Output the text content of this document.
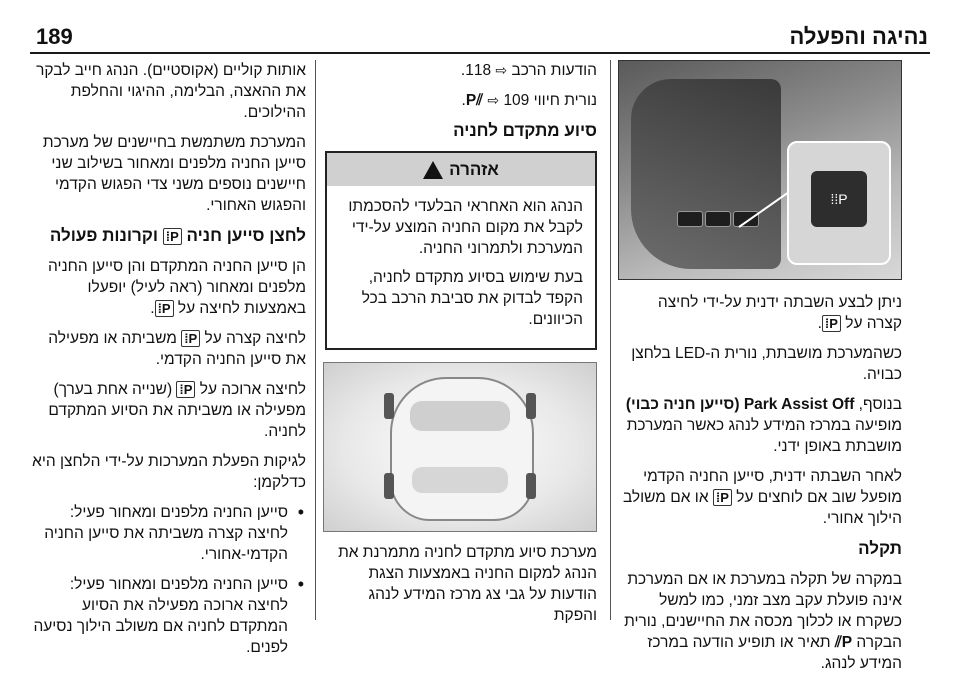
189	נהיגה והפעלה
P⁞⁞

ניתן לבצע השבתה ידנית על-ידי לחיצה קצרה על P⁞.

כשהמערכת מושבתת, נורית ה-LED בלחצן כבויה.

בנוסף, Park Assist Off (סייען חניה כבוי) מופיעה במרכז המידע לנהג כאשר המערכת מושבתת באופן ידני.

לאחר השבתה ידנית, סייען החניה הקדמי מופעל שוב אם לוחצים על P⁞ או אם משולב הילוך אחורי.

תקלה

במקרה של תקלה במערכת או אם המערכת אינה פועלת עקב מצב זמני, כמו למשל כשקרח או לכלוך מכסה את החיישנים, נורית הבקרה P⫽ תאיר או תופיע הודעה במרכז המידע לנהג.

הודעות הרכב ⇨ 118.

נורית חיווי P⫽ ⇨ 109.

סיוע מתקדם לחניה
אזהרה

הנהג הוא האחראי הבלעדי להסכמתו לקבל את מקום החניה המוצע על-ידי המערכת ולתמרוני החניה.

בעת שימוש בסיוע מתקדם לחניה, הקפד לבדוק את סביבת הרכב בכל הכיוונים.

מערכת סיוע מתקדם לחניה מתמרנת את הנהג למקום החניה באמצעות הצגת הודעות על גבי צג מרכז המידע לנהג והפקת

אותות קוליים (אקוסטיים). הנהג חייב לבקר את ההאצה, הבלימה, ההיגוי והחלפת ההילוכים.

המערכת משתמשת בחיישנים של מערכת סייען החניה מלפנים ומאחור בשילוב שני חיישנים נוספים משני צדי הפגוש הקדמי והפגוש האחורי.

לחצן סייען חניה P⁞ וקרונות פעולה

הן סייען החניה המתקדם והן סייען החניה מלפנים ומאחור (ראה לעיל) יופעלו באמצעות לחיצה על P⁞.

לחיצה קצרה על P⁞ משביתה או מפעילה את סייען החניה הקדמי.

לחיצה ארוכה על P⁞ (שנייה אחת בערך) מפעילה או משביתה את הסיוע המתקדם לחניה.

לגיקות הפעלת המערכות על-ידי הלחצן היא כדלקמן:

• סייען החניה מלפנים ומאחור פעיל: לחיצה קצרה משביתה את סייען החניה הקדמי-אחורי.
• סייען החניה מלפנים ומאחור פעיל: לחיצה ארוכה מפעילה את הסיוע המתקדם לחניה אם משולב הילוך נסיעה לפנים.
